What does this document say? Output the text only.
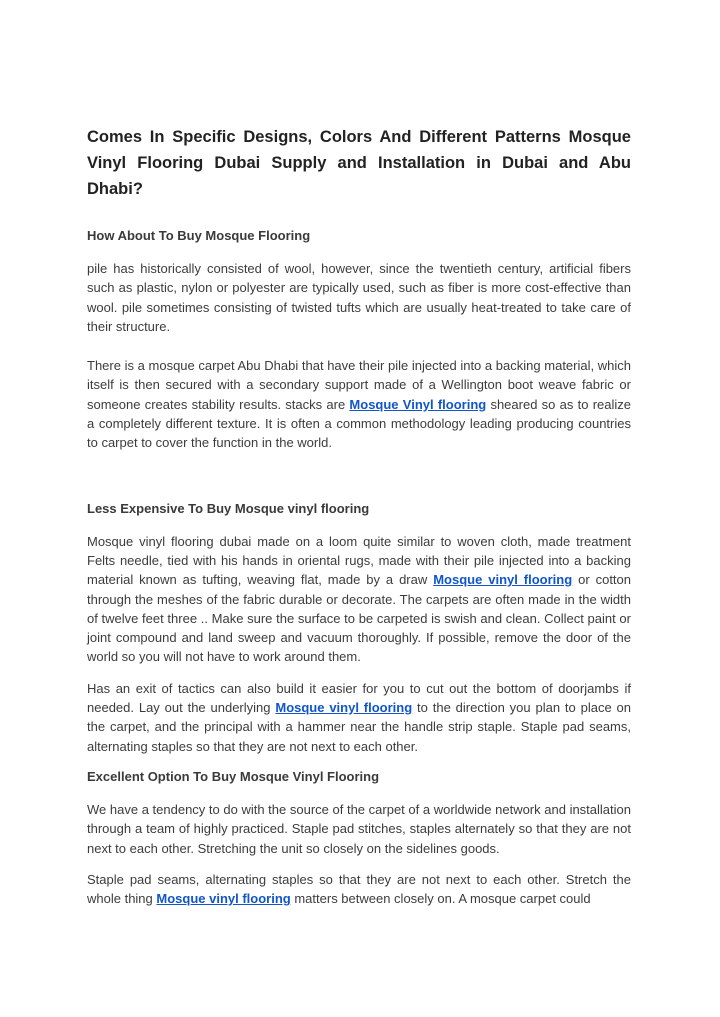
Comes In Specific Designs, Colors And Different Patterns Mosque Vinyl Flooring Dubai Supply and Installation in Dubai and Abu Dhabi?
How About To Buy Mosque Flooring

pile has historically consisted of wool, however, since the twentieth century, artificial fibers such as plastic, nylon or polyester are typically used, such as fiber is more cost-effective than wool. pile sometimes consisting of twisted tufts which are usually heat-treated to take care of their structure.

There is a mosque carpet Abu Dhabi that have their pile injected into a backing material, which itself is then secured with a secondary support made of a Wellington boot weave fabric or someone creates stability results. stacks are Mosque Vinyl flooring sheared so as to realize a completely different texture. It is often a common methodology leading producing countries to carpet to cover the function in the world.

Less Expensive To Buy Mosque vinyl flooring

Mosque vinyl flooring dubai made on a loom quite similar to woven cloth, made treatment Felts needle, tied with his hands in oriental rugs, made with their pile injected into a backing material known as tufting, weaving flat, made by a draw Mosque vinyl flooring or cotton through the meshes of the fabric durable or decorate. The carpets are often made in the width of twelve feet three .. Make sure the surface to be carpeted is swish and clean. Collect paint or joint compound and land sweep and vacuum thoroughly. If possible, remove the door of the world so you will not have to work around them.

Has an exit of tactics can also build it easier for you to cut out the bottom of doorjambs if needed. Lay out the underlying Mosque vinyl flooring to the direction you plan to place on the carpet, and the principal with a hammer near the handle strip staple. Staple pad seams, alternating staples so that they are not next to each other.

Excellent Option To Buy Mosque Vinyl Flooring

We have a tendency to do with the source of the carpet of a worldwide network and installation through a team of highly practiced. Staple pad stitches, staples alternately so that they are not next to each other. Stretching the unit so closely on the sidelines goods.

Staple pad seams, alternating staples so that they are not next to each other. Stretch the whole thing Mosque vinyl flooring matters between closely on. A mosque carpet could
